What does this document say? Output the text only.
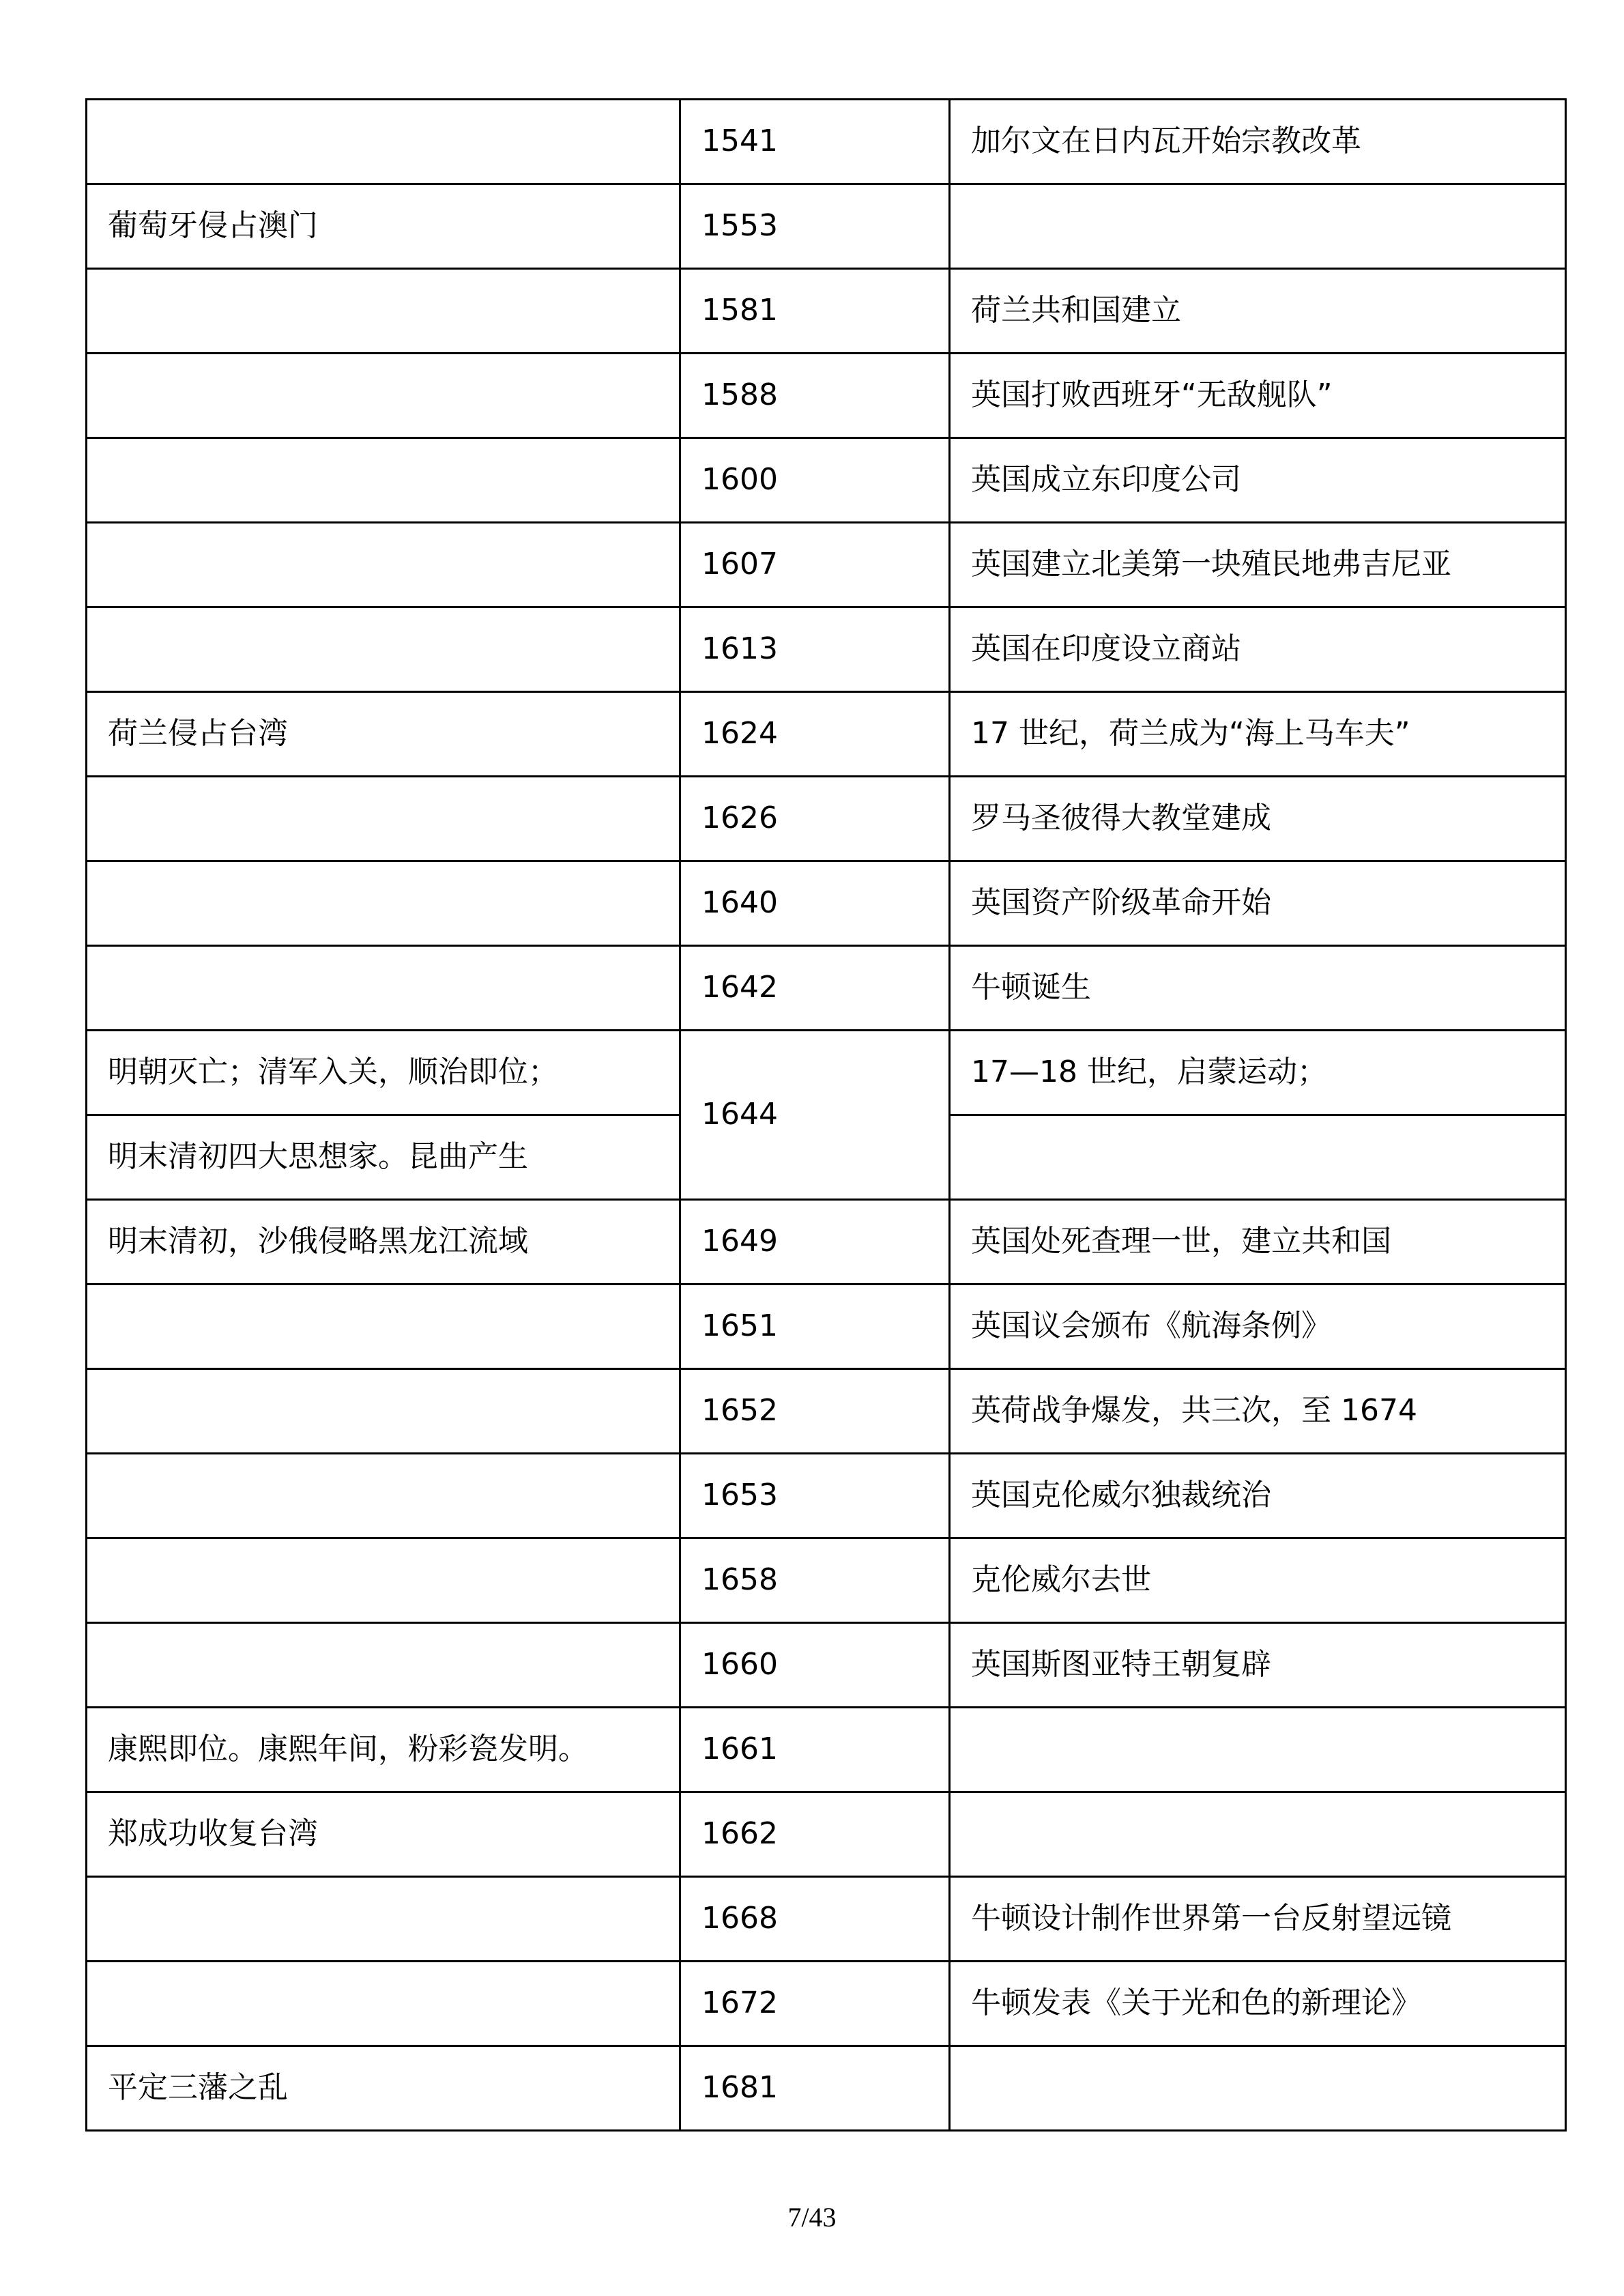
	1541	加尔文在日内瓦开始宗教改革
葡萄牙侵占澳门	1553	
	1581	荷兰共和国建立
	1588	英国打败西班牙“无敌舰队”
	1600	英国成立东印度公司
	1607	英国建立北美第一块殖民地弗吉尼亚
	1613	英国在印度设立商站
荷兰侵占台湾	1624	17 世纪，荷兰成为“海上马车夫”
	1626	罗马圣彼得大教堂建成
	1640	英国资产阶级革命开始
	1642	牛顿诞生
明朝灭亡；清军入关，顺治即位；	1644	17—18 世纪，启蒙运动；
明末清初四大思想家。昆曲产生		
明末清初，沙俄侵略黑龙江流域	1649	英国处死查理一世，建立共和国
	1651	英国议会颁布《航海条例》
	1652	英荷战争爆发，共三次，至 1674
	1653	英国克伦威尔独裁统治
	1658	克伦威尔去世
	1660	英国斯图亚特王朝复辟
康熙即位。康熙年间，粉彩瓷发明。	1661	
郑成功收复台湾	1662	
	1668	牛顿设计制作世界第一台反射望远镜
	1672	牛顿发表《关于光和色的新理论》
平定三藩之乱	1681	
7/43
